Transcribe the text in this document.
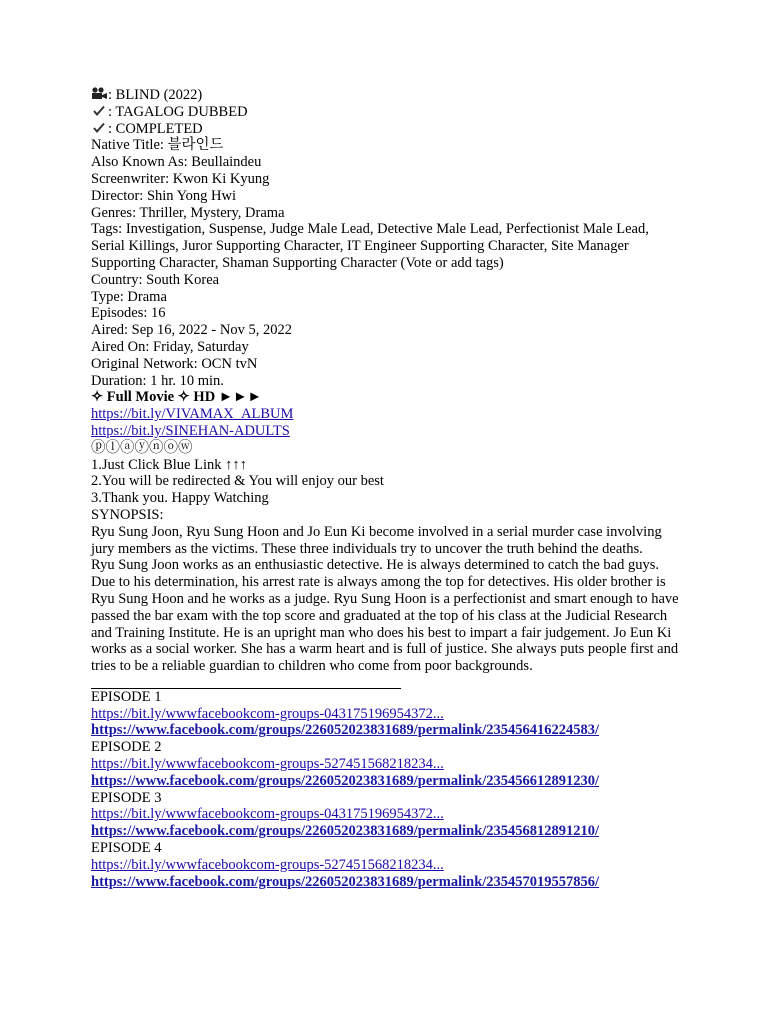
: BLIND (2022)
: TAGALOG DUBBED
: COMPLETED
Native Title: 블라인드
Also Known As: Beullaindeu
Screenwriter: Kwon Ki Kyung
Director: Shin Yong Hwi
Genres: Thriller, Mystery, Drama
Tags: Investigation, Suspense, Judge Male Lead, Detective Male Lead, Perfectionist Male Lead, Serial Killings, Juror Supporting Character, IT Engineer Supporting Character, Site Manager Supporting Character, Shaman Supporting Character (Vote or add tags)
Country: South Korea
Type: Drama
Episodes: 16
Aired: Sep 16, 2022 - Nov 5, 2022
Aired On: Friday, Saturday
Original Network: OCN tvN
Duration: 1 hr. 10 min.
✧ Full Movie ✧ HD ►►►
https://bit.ly/VIVAMAX_ALBUM
https://bit.ly/SINEHAN-ADULTS
ⓟⓛⓐⓨⓝⓞⓦ
1.Just Click Blue Link ↑↑↑
2.You will be redirected & You will enjoy our best
3.Thank you. Happy Watching
SYNOPSIS:
Ryu Sung Joon, Ryu Sung Hoon and Jo Eun Ki become involved in a serial murder case involving jury members as the victims. These three individuals try to uncover the truth behind the deaths.
Ryu Sung Joon works as an enthusiastic detective. He is always determined to catch the bad guys. Due to his determination, his arrest rate is always among the top for detectives. His older brother is Ryu Sung Hoon and he works as a judge. Ryu Sung Hoon is a perfectionist and smart enough to have passed the bar exam with the top score and graduated at the top of his class at the Judicial Research and Training Institute. He is an upright man who does his best to impart a fair judgement. Jo Eun Ki works as a social worker. She has a warm heart and is full of justice. She always puts people first and tries to be a reliable guardian to children who come from poor backgrounds.
EPISODE 1
https://bit.ly/wwwfacebookcom-groups-043175196954372...
https://www.facebook.com/groups/226052023831689/permalink/235456416224583/
EPISODE 2
https://bit.ly/wwwfacebookcom-groups-527451568218234...
https://www.facebook.com/groups/226052023831689/permalink/235456612891230/
EPISODE 3
https://bit.ly/wwwfacebookcom-groups-043175196954372...
https://www.facebook.com/groups/226052023831689/permalink/235456812891210/
EPISODE 4
https://bit.ly/wwwfacebookcom-groups-527451568218234...
https://www.facebook.com/groups/226052023831689/permalink/235457019557856/
